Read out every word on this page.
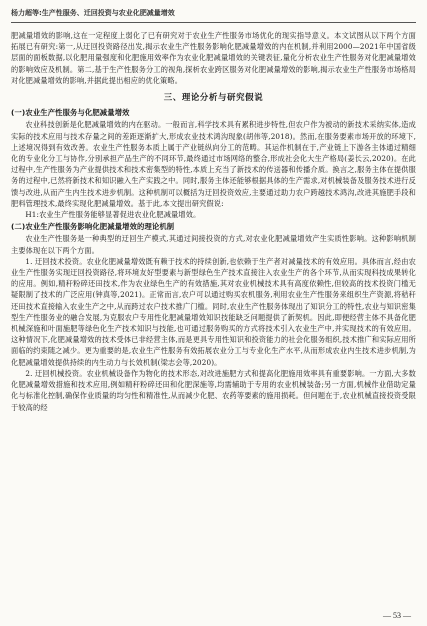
杨力超等:生产性服务、迁回投资与农业化肥减量增效

肥减量增效的影响,这在一定程度上弱化了已有研究对于农业生产性服务市场优化的现实指导意义。本文试图从以下两个方面拓展已有研究:第一,从迂回投资路径出发,揭示农业生产性服务影响化肥减量增效的内在机制,并利用2000—2021年中国省级层面的面板数据,以化肥用量强度和化肥施用效率作为农业化肥减量增效的关键表征,量化分析农业生产性服务对化肥减量增效的影响效应及机制。第二,基于生产性服务分工的视角,探析农业跨区服务对化肥减量增效的影响,揭示农业生产性服务市场格局对化肥减量增效的影响,并据此提出相应的优化策略。

三、理论分析与研究假说
(一)农业生产性服务与化肥减量增效

农业科技创新是化肥减量增效的内在驱动。一般而言,科学技术具有累积进步特性,但农户作为被动的新技术采纳实体,造成实际的技术应用与技术存量之间的差距逐渐扩大,形成农业技术鸿沟现象(胡伟等,2018)。然而,在服务要素市场开放的环境下,上述境况得到有效改善。农业生产性服务本质上属于产业链纵向分工的范畴。其运作机制在于,产业链上下游各主体通过精细化的专业化分工与协作,分别承担产品生产的不同环节,最终通过市场网络的整合,形成社会化大生产格局(姜长云,2020)。在此过程中,生产性服务为产业提供技术和技术密集型的特性,本质上充当了新技术的传送器和传播介质。换言之,服务主体在提供服务的过程中,已然将新技术和知识融入生产实践之中。同时,服务主体还能够根据具体的生产需求,对机械装备及服务技术进行反馈与改进,从而产生内生技术进步机制。这种机制可以概括为迂回投资效应,主要通过助力农户跨越技术鸿沟,改进其施肥手段和肥料管理技术,最终实现化肥减量增效。基于此,本文提出研究假说:

H1:农业生产性服务能够显著促进农业化肥减量增效。

(二)农业生产性服务影响化肥减量增效的理论机制

农业生产性服务是一种典型的迂回生产模式,其通过间接投资的方式,对农业化肥减量增效产生实质性影响。这种影响机制主要体现在以下两个方面。

1. 迂回技术投资。农业化肥减量增效既有赖于技术的持续创新,也依赖于生产者对减量技术的有效应用。具体而言,经由农业生产性服务实现迂回投资路径,将环境友好型要素与新型绿色生产技术直接注入农业生产的各个环节,从而实现科技成果转化的应用。例如,精秆粉碎还田技术,作为农业绿色生产的有效措施,其对农业机械技术具有高度依赖性,但较高的技术投资门槛无疑限制了技术的广泛应用(钟真等,2021)。正常而言,农户可以通过购买农机服务,利用农业生产性服务来组织生产资源,将秸秆还田技术直接输入农业生产之中,从而跨过农户技术推广门槛。同时,农业生产性服务体现出了知识分工的特性,农业与知识密集型生产性服务业的融合发展,为克服农户专用性化肥减量增效知识技能缺乏问题提供了新契机。因此,即便经营主体不具备化肥机械深施和叶面施肥等绿色化生产技术知识与技能,也可通过服务购买的方式将技术引入农业生产中,并实现技术的有效应用。这种情况下,化肥减量增效的技术受体已非经营主体,而是更具专用性知识和投资能力的社会化服务组织,技术推广和实际应用所面临的约束随之减少。更为重要的是,农业生产性服务有效拓展农业分工与专业化生产水平,从而形成农业内生技术进步机制,为化肥减量增效提供持续的内生动力与长效机制(梁志会等,2020)。

2. 迂回机械投资。农业机械设备作为物化的技术形态,对改进施肥方式和提高化肥施用效率具有重要影响。一方面,大多数化肥减量增效措施和技术应用,例如精秆粉碎还田和化肥深施等,均需辅助于专用的农业机械装备;另一方面,机械作业借助定量化与标准化控制,确保作业质量的均匀性和精准性,从而减少化肥、农药等要素的施用损耗。但问题在于,农业机械直接投资受限于较高的经

— 53 —
